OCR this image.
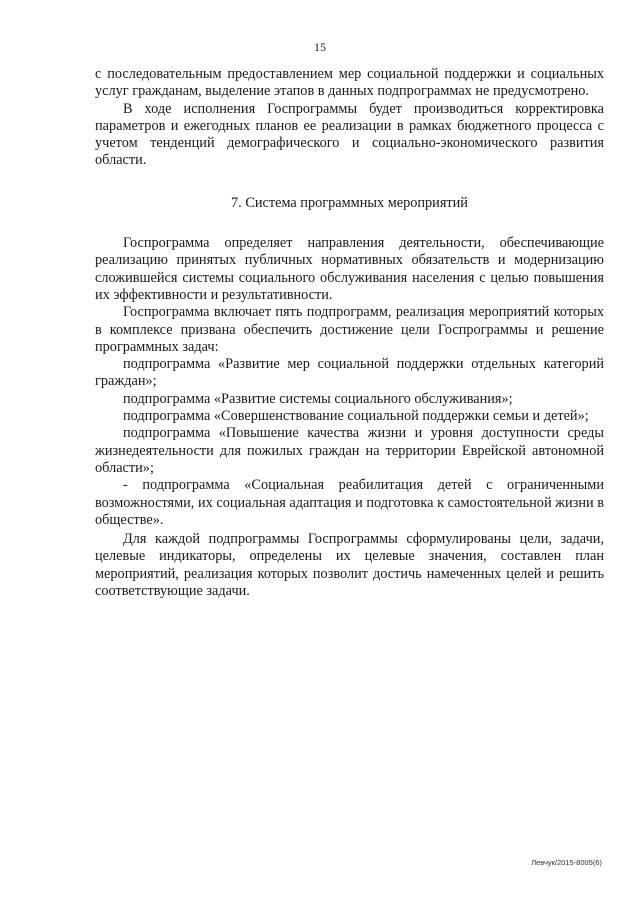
15

с последовательным предоставлением мер социальной поддержки и социальных услуг гражданам, выделение этапов в данных подпрограммах не предусмотрено.

В ходе исполнения Госпрограммы будет производиться корректировка параметров и ежегодных планов ее реализации в рамках бюджетного процесса с учетом тенденций демографического и социально-экономического развития области.

7. Система программных мероприятий

Госпрограмма определяет направления деятельности, обеспечивающие реализацию принятых публичных нормативных обязательств и модернизацию сложившейся системы социального обслуживания населения с целью повышения их эффективности и результативности.

Госпрограмма включает пять подпрограмм, реализация мероприятий которых в комплексе призвана обеспечить достижение цели Госпрограммы и решение программных задач:

подпрограмма «Развитие мер социальной поддержки отдельных категорий граждан»;

подпрограмма «Развитие системы социального обслуживания»;

подпрограмма «Совершенствование социальной поддержки семьи и детей»;

подпрограмма «Повышение качества жизни и уровня доступности среды жизнедеятельности для пожилых граждан на территории Еврейской автономной области»;

- подпрограмма «Социальная реабилитация детей с ограниченными возможностями, их социальная адаптация и подготовка к самостоятельной жизни в обществе».

Для каждой подпрограммы Госпрограммы сформулированы цели, задачи, целевые индикаторы, определены их целевые значения, составлен план мероприятий, реализация которых позволит достичь намеченных целей и решить соответствующие задачи.

Левчук/2015-8005(6)
